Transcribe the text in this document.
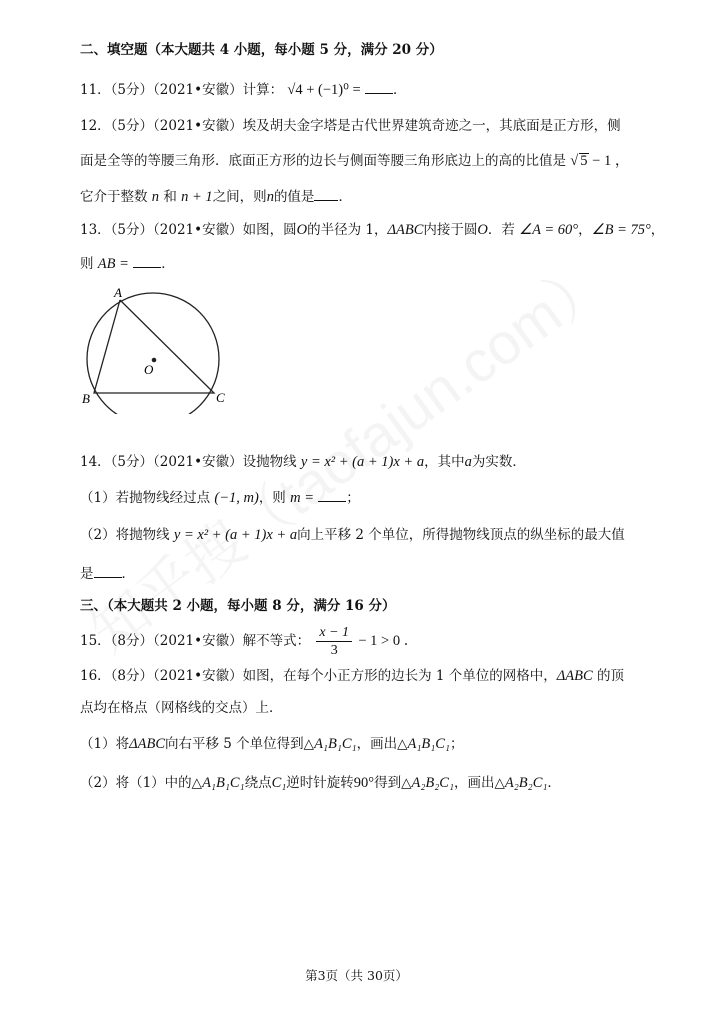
二、填空题（本大题共 4 小题，每小题 5 分，满分 20 分）
11．（5分）（2021•安徽）计算： √4 + (−1)⁰ = ．
12．（5分）（2021•安徽）埃及胡夫金字塔是古代世界建筑奇迹之一，其底面是正方形，侧
面是全等的等腰三角形．底面正方形的边长与侧面等腰三角形底边上的高的比值是 √ 5 − 1 ，
它介于整数 n 和 n + 1之间，则n的值是 ．
13．（5分）（2021•安徽）如图，圆O的半径为 1，ΔABC内接于圆O．若 ∠A = 60°，∠B = 75°，
则 AB = ．
A
B	C
O
14．（5分）（2021•安徽）设抛物线 y = x² + (a + 1)x + a，其中a为实数．
（1）若抛物线经过点 (−1, m)，则 m = ；
（2）将抛物线 y = x² + (a + 1)x + a向上平移 2 个单位，所得抛物线顶点的纵坐标的最大值
是 ．
三、（本大题共 2 小题，每小题 8 分，满分 16 分）
15．（8分）（2021•安徽）解不等式： $\frac{x - 1}{3} - 1 > 0$ ．
16．（8分）（2021•安徽）如图，在每个小正方形的边长为 1 个单位的网格中，ΔABC 的顶
点均在格点（网格线的交点）上．
（1）将ΔABC向右平移 5 个单位得到△A₁B₁C₁，画出△A₁B₁C₁；
（2）将（1）中的△A₁B₁C₁绕点C₁逆时针旋转90°得到△A₂B₂C₁，画出△A₂B₂C₁．
第3页（共 30页）
